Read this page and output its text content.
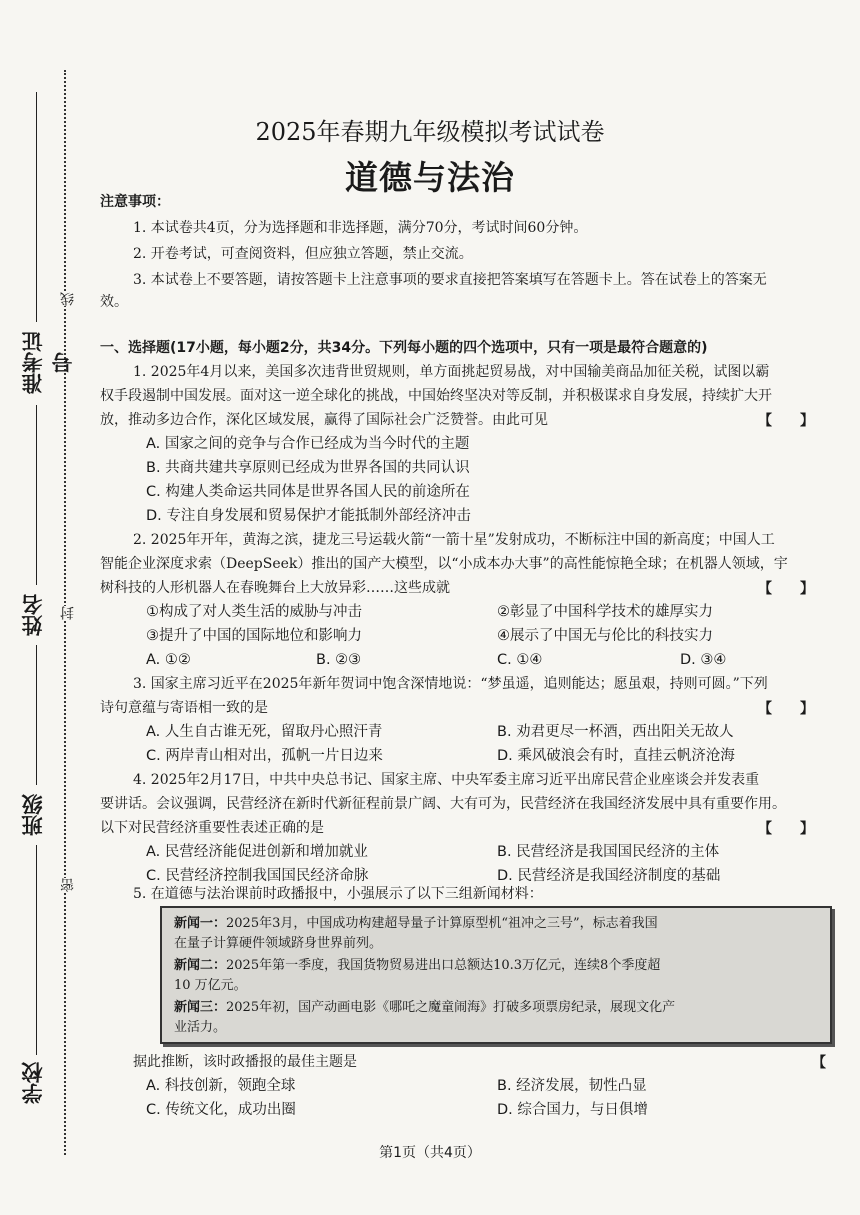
准考证号
姓名
班级
学校
线
封
密
2025年春期九年级模拟考试试卷
道德与法治
注意事项：
1. 本试卷共4页，分为选择题和非选择题，满分70分，考试时间60分钟。
2. 开卷考试，可查阅资料，但应独立答题，禁止交流。
3. 本试卷上不要答题，请按答题卡上注意事项的要求直接把答案填写在答题卡上。答在试卷上的答案无
效。
一、选择题(17小题，每小题2分，共34分。下列每小题的四个选项中，只有一项是最符合题意的)
1. 2025年4月以来，美国多次违背世贸规则，单方面挑起贸易战，对中国输美商品加征关税，试图以霸
权手段遏制中国发展。面对这一逆全球化的挑战，中国始终坚决对等反制，并积极谋求自身发展，持续扩大开
放，推动多边合作，深化区域发展，赢得了国际社会广泛赞誉。由此可见	【　　】
A. 国家之间的竞争与合作已经成为当今时代的主题
B. 共商共建共享原则已经成为世界各国的共同认识
C. 构建人类命运共同体是世界各国人民的前途所在
D. 专注自身发展和贸易保护才能抵制外部经济冲击
2. 2025年开年，黄海之滨，捷龙三号运载火箭“一箭十星”发射成功，不断标注中国的新高度；中国人工
智能企业深度求索（DeepSeek）推出的国产大模型，以“小成本办大事”的高性能惊艳全球；在机器人领域，宇
树科技的人形机器人在春晚舞台上大放异彩……这些成就	【　　】
①构成了对人类生活的威胁与冲击	②彰显了中国科学技术的雄厚实力
③提升了中国的国际地位和影响力	④展示了中国无与伦比的科技实力
A. ①②	B. ②③	C. ①④	D. ③④
3. 国家主席习近平在2025年新年贺词中饱含深情地说：“梦虽遥，追则能达；愿虽艰，持则可圆。”下列
诗句意蕴与寄语相一致的是	【　　】
A. 人生自古谁无死，留取丹心照汗青	B. 劝君更尽一杯酒，西出阳关无故人
C. 两岸青山相对出，孤帆一片日边来	D. 乘风破浪会有时，直挂云帆济沧海
4. 2025年2月17日，中共中央总书记、国家主席、中央军委主席习近平出席民营企业座谈会并发表重
要讲话。会议强调，民营经济在新时代新征程前景广阔、大有可为，民营经济在我国经济发展中具有重要作用。
以下对民营经济重要性表述正确的是	【　　】
A. 民营经济能促进创新和增加就业	B. 民营经济是我国国民经济的主体
C. 民营经济控制我国国民经济命脉	D. 民营经济是我国经济制度的基础
5. 在道德与法治课前时政播报中，小强展示了以下三组新闻材料：
新闻一：2025年3月，中国成功构建超导量子计算原型机“祖冲之三号”，标志着我国
在量子计算硬件领域跻身世界前列。
新闻二：2025年第一季度，我国货物贸易进出口总额达10.3万亿元，连续8个季度超
10 万亿元。
新闻三：2025年初，国产动画电影《哪吒之魔童闹海》打破多项票房纪录，展现文化产
业活力。
据此推断，该时政播报的最佳主题是	【
A. 科技创新，领跑全球	B. 经济发展，韧性凸显
C. 传统文化，成功出圈	D. 综合国力，与日俱增
第1页（共4页）
